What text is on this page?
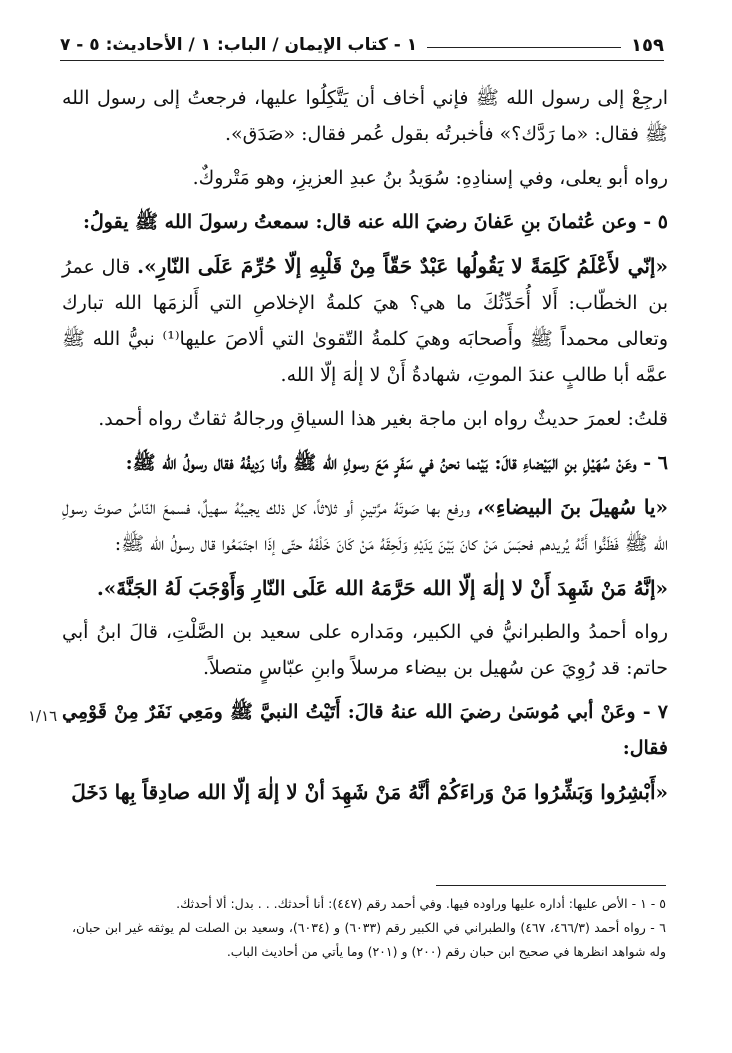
١٥٩
١ - كتاب الإيمان / الباب: ١ / الأحاديث: ٥ - ٧

ارجِعْ إلى رسول الله ﷺ فإني أخاف أن يَتَّكِلُوا عليها، فرجعتُ إلى رسول الله ﷺ فقال: «ما رَدَّك؟» فأخبرتُه بقول عُمر فقال: «صَدَق».

رواه أبو يعلى، وفي إسنادِهِ: سُوَيدُ بنُ عبدِ العزيزِ، وهو مَتْروكٌ.

٥ - وعن عُثمانَ بنِ عَفانَ رضيَ الله عنه قال: سمعتُ رسولَ الله ﷺ يقولُ:

«إنّي لأَعْلَمُ كَلِمَةً لا يَقُولُها عَبْدٌ حَقّاً مِنْ قَلْبِهِ إلّا حُرِّمَ عَلَى النّارِ». قال عمرُ بن الخطّاب: أَلا أُحَدِّثُكَ ما هي؟ هيَ كلمةُ الإخلاصِ التي أَلزمَها الله تبارك وتعالى محمداً ﷺ وأَصحابَه وهيَ كلمةُ التّقوىٰ التي ألاصَ عليها⁽¹⁾ نبيُّ الله ﷺ عمَّه أبا طالبٍ عندَ الموتِ، شهادةُ أَنْ لا إلٰهَ إلّا الله.

قلتُ: لعمرَ حديثٌ رواه ابن ماجة بغير هذا السياقِ ورجالهُ ثقاتٌ رواه أحمد.

٦ - وعَنْ سُهَيْلِ بنِ البَيْضاءِ قالَ: بَيْنما نحنُ في سَفَرٍ مَعَ رسولِ الله ﷺ وأنا رَدِيفُهُ فقال رسولُ الله ﷺ:

«يا سُهيلَ بنَ البيضاءِ»، ورفع بها صَوتَهُ مرَّتينِ أو ثلاثاً، كل ذلك يجيبُهُ سهيلٌ، فسمعَ النّاسُ صوتَ رسولِ الله ﷺ فَظَنُّوا أَنَّهُ يُريدهم فحبَسَ مَنْ كانَ بَيْنَ يَدَيْهِ وَلَحِقَهُ مَنْ كَانَ خَلْفَهُ حتّى إذَا اجتَمَعُوا قال رسولُ الله ﷺ:

«إنَّهُ مَنْ شَهِدَ أَنْ لا إلٰهَ إلّا الله حَرَّمَهُ الله عَلَى النّارِ وَأَوْجَبَ لَهُ الجَنَّةَ».

رواه أحمدُ والطبرانيُّ في الكبير، ومَداره على سعيد بن الصَّلْتِ، قالَ ابنُ أبي حاتم: قد رُوِيَ عن سُهيل بن بيضاء مرسلاً وابنِ عبّاسٍ متصلاً.

٧ - وعَنْ أبي مُوسَىٰ رضيَ الله عنهُ قالَ: أَتَيْتُ النبيَّ ﷺ ومَعِي نَفَرٌ مِنْ قَوْمِي فقال:

«أَبْشِرُوا وَبَشِّرُوا مَنْ وَراءَكُمْ أنَّهُ مَنْ شَهِدَ أنْ لا إلٰهَ إلّا الله صادِقاً بِها دَخَلَ

١/١٦

٥ - ١ - الأص عليها: أداره عليها وراوده فيها. وفي أحمد رقم (٤٤٧): أنا أحدثك. . . بدل: ألا أحدثك.

٦ - رواه أحمد (٤٦٦/٣، ٤٦٧) والطبراني في الكبير رقم (٦٠٣٣) و (٦٠٣٤)، وسعيد بن الصلت لم يوثقه غير ابن حبان، وله شواهد انظرها في صحيح ابن حبان رقم (٢٠٠) و (٢٠١) وما يأتي من أحاديث الباب.
